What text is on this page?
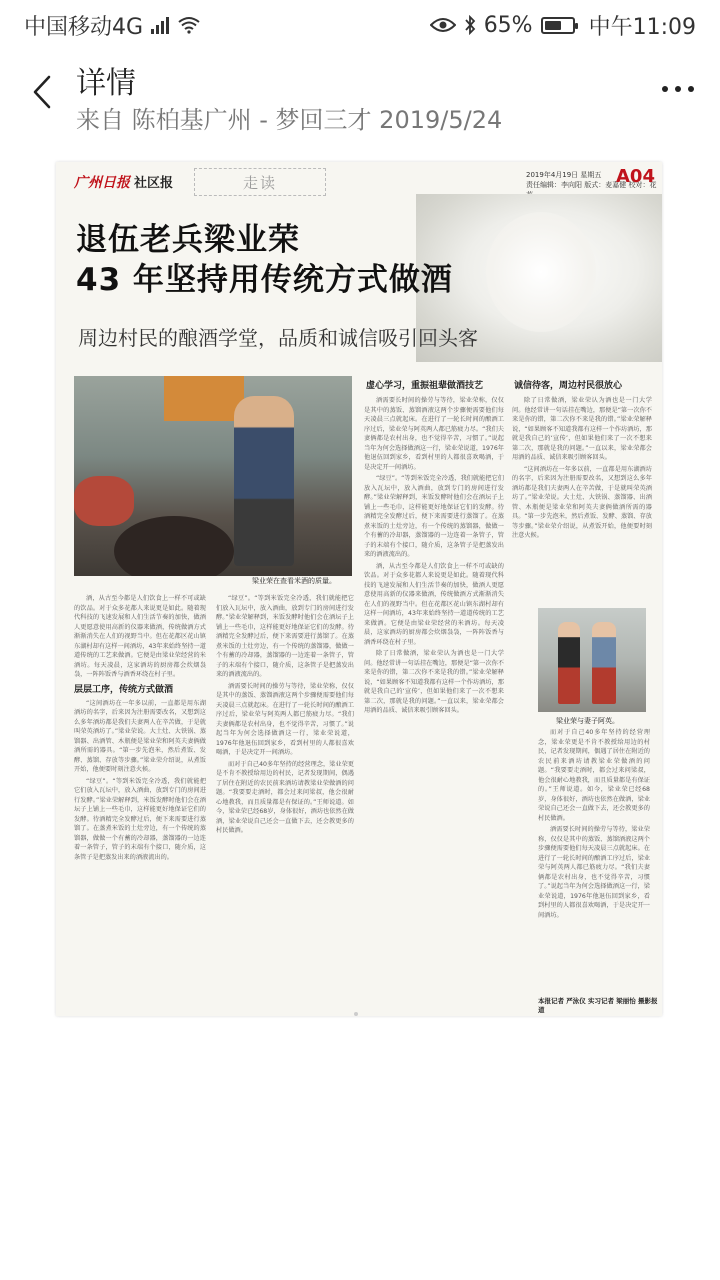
中国移动4G	65%	中午11:09
详情
来自 陈柏基广州 - 梦回三才 2019/5/24
广州日报 社区报	走读	2019年4月19日 星期五
责任编辑：李向阳 版式：麦嘉健 校对：花
A04
退伍老兵梁业荣
43 年坚持用传统方式做酒
周边村民的酿酒学堂，品质和诚信吸引回头客
梁业荣在查看米酒的质量。
虚心学习，重振祖辈做酒技艺	诚信待客，周边村民很放心

酒需要长时间的操劳与等待，梁业荣称，仅仅是其中的蒸饭、蒸馏酒液这两个步骤便需要他们每天凌晨三点就起床。在进行了一轮长时间的酿酒工序过后，梁业荣与阿英两人都已筋疲力尽。“我们夫妻俩都是农村出身，也不觉得辛苦，习惯了。”说起当年为何会选择做酒这一行，梁业荣说道，1976年他退伍回到家乡，看到村里的人都很喜欢喝酒，于是决定开一间酒坊。

“绿豆”。“等到米饭完全冷透，我们就能把它们放入瓦坛中，放入酒曲，放到专门的房间进行发酵。”梁业荣解释到，米饭发酵时他们会在酒坛子上铺上一些毛巾，这样能更好地保证它们的发酵。待酒精完全发酵过后，便下来需要进行蒸馏了。在蒸煮米饭的土灶旁边，有一个传统的蒸馏器，做做一个有蓄的冷却器，蒸馏器的一边连着一条管子，管子的末端有个接口，随介质，这条管子是把蒸发出来的酒液流出的。

酒，从古至今都是人们饮食上一样不可或缺的饮品。对于众多花都人来说更是如此。随着现代科技的飞速发展和人们生活节奏的加快，做酒人更愿意使用高新的仪器来做酒，传统做酒方式渐渐消失在人们的视野当中。但在花都区花山镇东湖村却有这样一间酒坊，43年来始终坚持一道道传统的工艺来做酒。它便是由梁业荣经营的米酒坊。每天凌晨，这家酒坊的厨房都会炊烟袅袅，一阵阵饭香与酒香环绕在村子里。

除了日常做酒，梁业荣认为酒也是一门大学问。他经常讲一句话挂在嘴边，那便是“第一次你不来是你的错，第二次你不来是我的错。”梁业荣解释说，“如果顾客不知道我都有这样一个作坊酒坊，那就是我自己的‘宣传’，但如果他们来了一次不想来第二次，那就是我的问题。”一直以来，梁业荣都会用酒的品质、诚信来吸引顾客回头。

除了日常做酒，梁业荣认为酒也是一门大学问。他经常讲一句话挂在嘴边，那便是“第一次你不来是你的错，第二次你不来是我的错。”梁业荣解释说，“如果顾客不知道我都有这样一个作坊酒坊，那就是我自己的‘宣传’，但如果他们来了一次不想来第二次，那就是我的问题。”一直以来，梁业荣都会用酒的品质、诚信来吸引顾客回头。

“这间酒坊在一年多以前，一直都是用东湖酒坊的名字，后来因为注册需要改名，又想到这么多年酒坊都是我们夫妻两人在辛苦做，于是就叫荣英酒坊了。”梁业荣说。大土灶、大铁锅、蒸馏器、出酒管、木瓶便是梁业荣和阿英夫妻俩做酒所需的器具。“第一步先泡米，然后煮饭、发酵、蒸馏、存放等步骤。”梁业荣介绍说，从煮饭开始，他便要时刻注意火候。

梁业荣与妻子阿英。

而对于自己40多年坚持的经营理念，梁业荣更是不肯不教授给用边的村民，记者发现期间，偶遇了居住在附近的农民前来酒坊请教梁业荣做酒的问题。“我要要走酒时，都会过来问梁叔，他会很耐心地教我，而且质量都是有保证的。”王师说道。如今，梁业荣已经68岁，身体很好，酒坊也依然在做酒，梁业荣说自己还会一直做下去，还会教更多的村民做酒。

酒需要长时间的操劳与等待，梁业荣称，仅仅是其中的蒸饭、蒸馏酒液这两个步骤便需要他们每天凌晨三点就起床。在进行了一轮长时间的酿酒工序过后，梁业荣与阿英两人都已筋疲力尽。“我们夫妻俩都是农村出身，也不觉得辛苦，习惯了。”说起当年为何会选择做酒这一行，梁业荣说道，1976年他退伍回到家乡，看到村里的人都很喜欢喝酒，于是决定开一间酒坊。

本报记者 严泳仪 实习记者 梁丽怡 摄影报道

酒，从古至今都是人们饮食上一样不可或缺的饮品。对于众多花都人来说更是如此。随着现代科技的飞速发展和人们生活节奏的加快，做酒人更愿意使用高新的仪器来做酒，传统做酒方式渐渐消失在人们的视野当中。但在花都区花山镇东湖村却有这样一间酒坊，43年来始终坚持一道道传统的工艺来做酒。它便是由梁业荣经营的米酒坊。每天凌晨，这家酒坊的厨房都会炊烟袅袅，一阵阵饭香与酒香环绕在村子里。

层层工序，传统方式做酒

“这间酒坊在一年多以前，一直都是用东湖酒坊的名字，后来因为注册需要改名，又想到这么多年酒坊都是我们夫妻两人在辛苦做，于是就叫荣英酒坊了。”梁业荣说。大土灶、大铁锅、蒸馏器、出酒管、木瓶便是梁业荣和阿英夫妻俩做酒所需的器具。“第一步先泡米，然后煮饭、发酵、蒸馏、存放等步骤。”梁业荣介绍说，从煮饭开始，他便要时刻注意火候。

“绿豆”。“等到米饭完全冷透，我们就能把它们放入瓦坛中，放入酒曲，放到专门的房间进行发酵。”梁业荣解释到，米饭发酵时他们会在酒坛子上铺上一些毛巾，这样能更好地保证它们的发酵。待酒精完全发酵过后，便下来需要进行蒸馏了。在蒸煮米饭的土灶旁边，有一个传统的蒸馏器，做做一个有蓄的冷却器，蒸馏器的一边连着一条管子，管子的末端有个接口，随介质，这条管子是把蒸发出来的酒液流出的。

“绿豆”。“等到米饭完全冷透，我们就能把它们放入瓦坛中，放入酒曲，放到专门的房间进行发酵。”梁业荣解释到，米饭发酵时他们会在酒坛子上铺上一些毛巾，这样能更好地保证它们的发酵。待酒精完全发酵过后，便下来需要进行蒸馏了。在蒸煮米饭的土灶旁边，有一个传统的蒸馏器，做做一个有蓄的冷却器，蒸馏器的一边连着一条管子，管子的末端有个接口，随介质，这条管子是把蒸发出来的酒液流出的。

酒需要长时间的操劳与等待，梁业荣称，仅仅是其中的蒸饭、蒸馏酒液这两个步骤便需要他们每天凌晨三点就起床。在进行了一轮长时间的酿酒工序过后，梁业荣与阿英两人都已筋疲力尽。“我们夫妻俩都是农村出身，也不觉得辛苦，习惯了。”说起当年为何会选择做酒这一行，梁业荣说道，1976年他退伍回到家乡，看到村里的人都很喜欢喝酒，于是决定开一间酒坊。

而对于自己40多年坚持的经营理念，梁业荣更是不肯不教授给用边的村民，记者发现期间，偶遇了居住在附近的农民前来酒坊请教梁业荣做酒的问题。“我要要走酒时，都会过来问梁叔，他会很耐心地教我，而且质量都是有保证的。”王师说道。如今，梁业荣已经68岁，身体很好，酒坊也依然在做酒，梁业荣说自己还会一直做下去，还会教更多的村民做酒。
